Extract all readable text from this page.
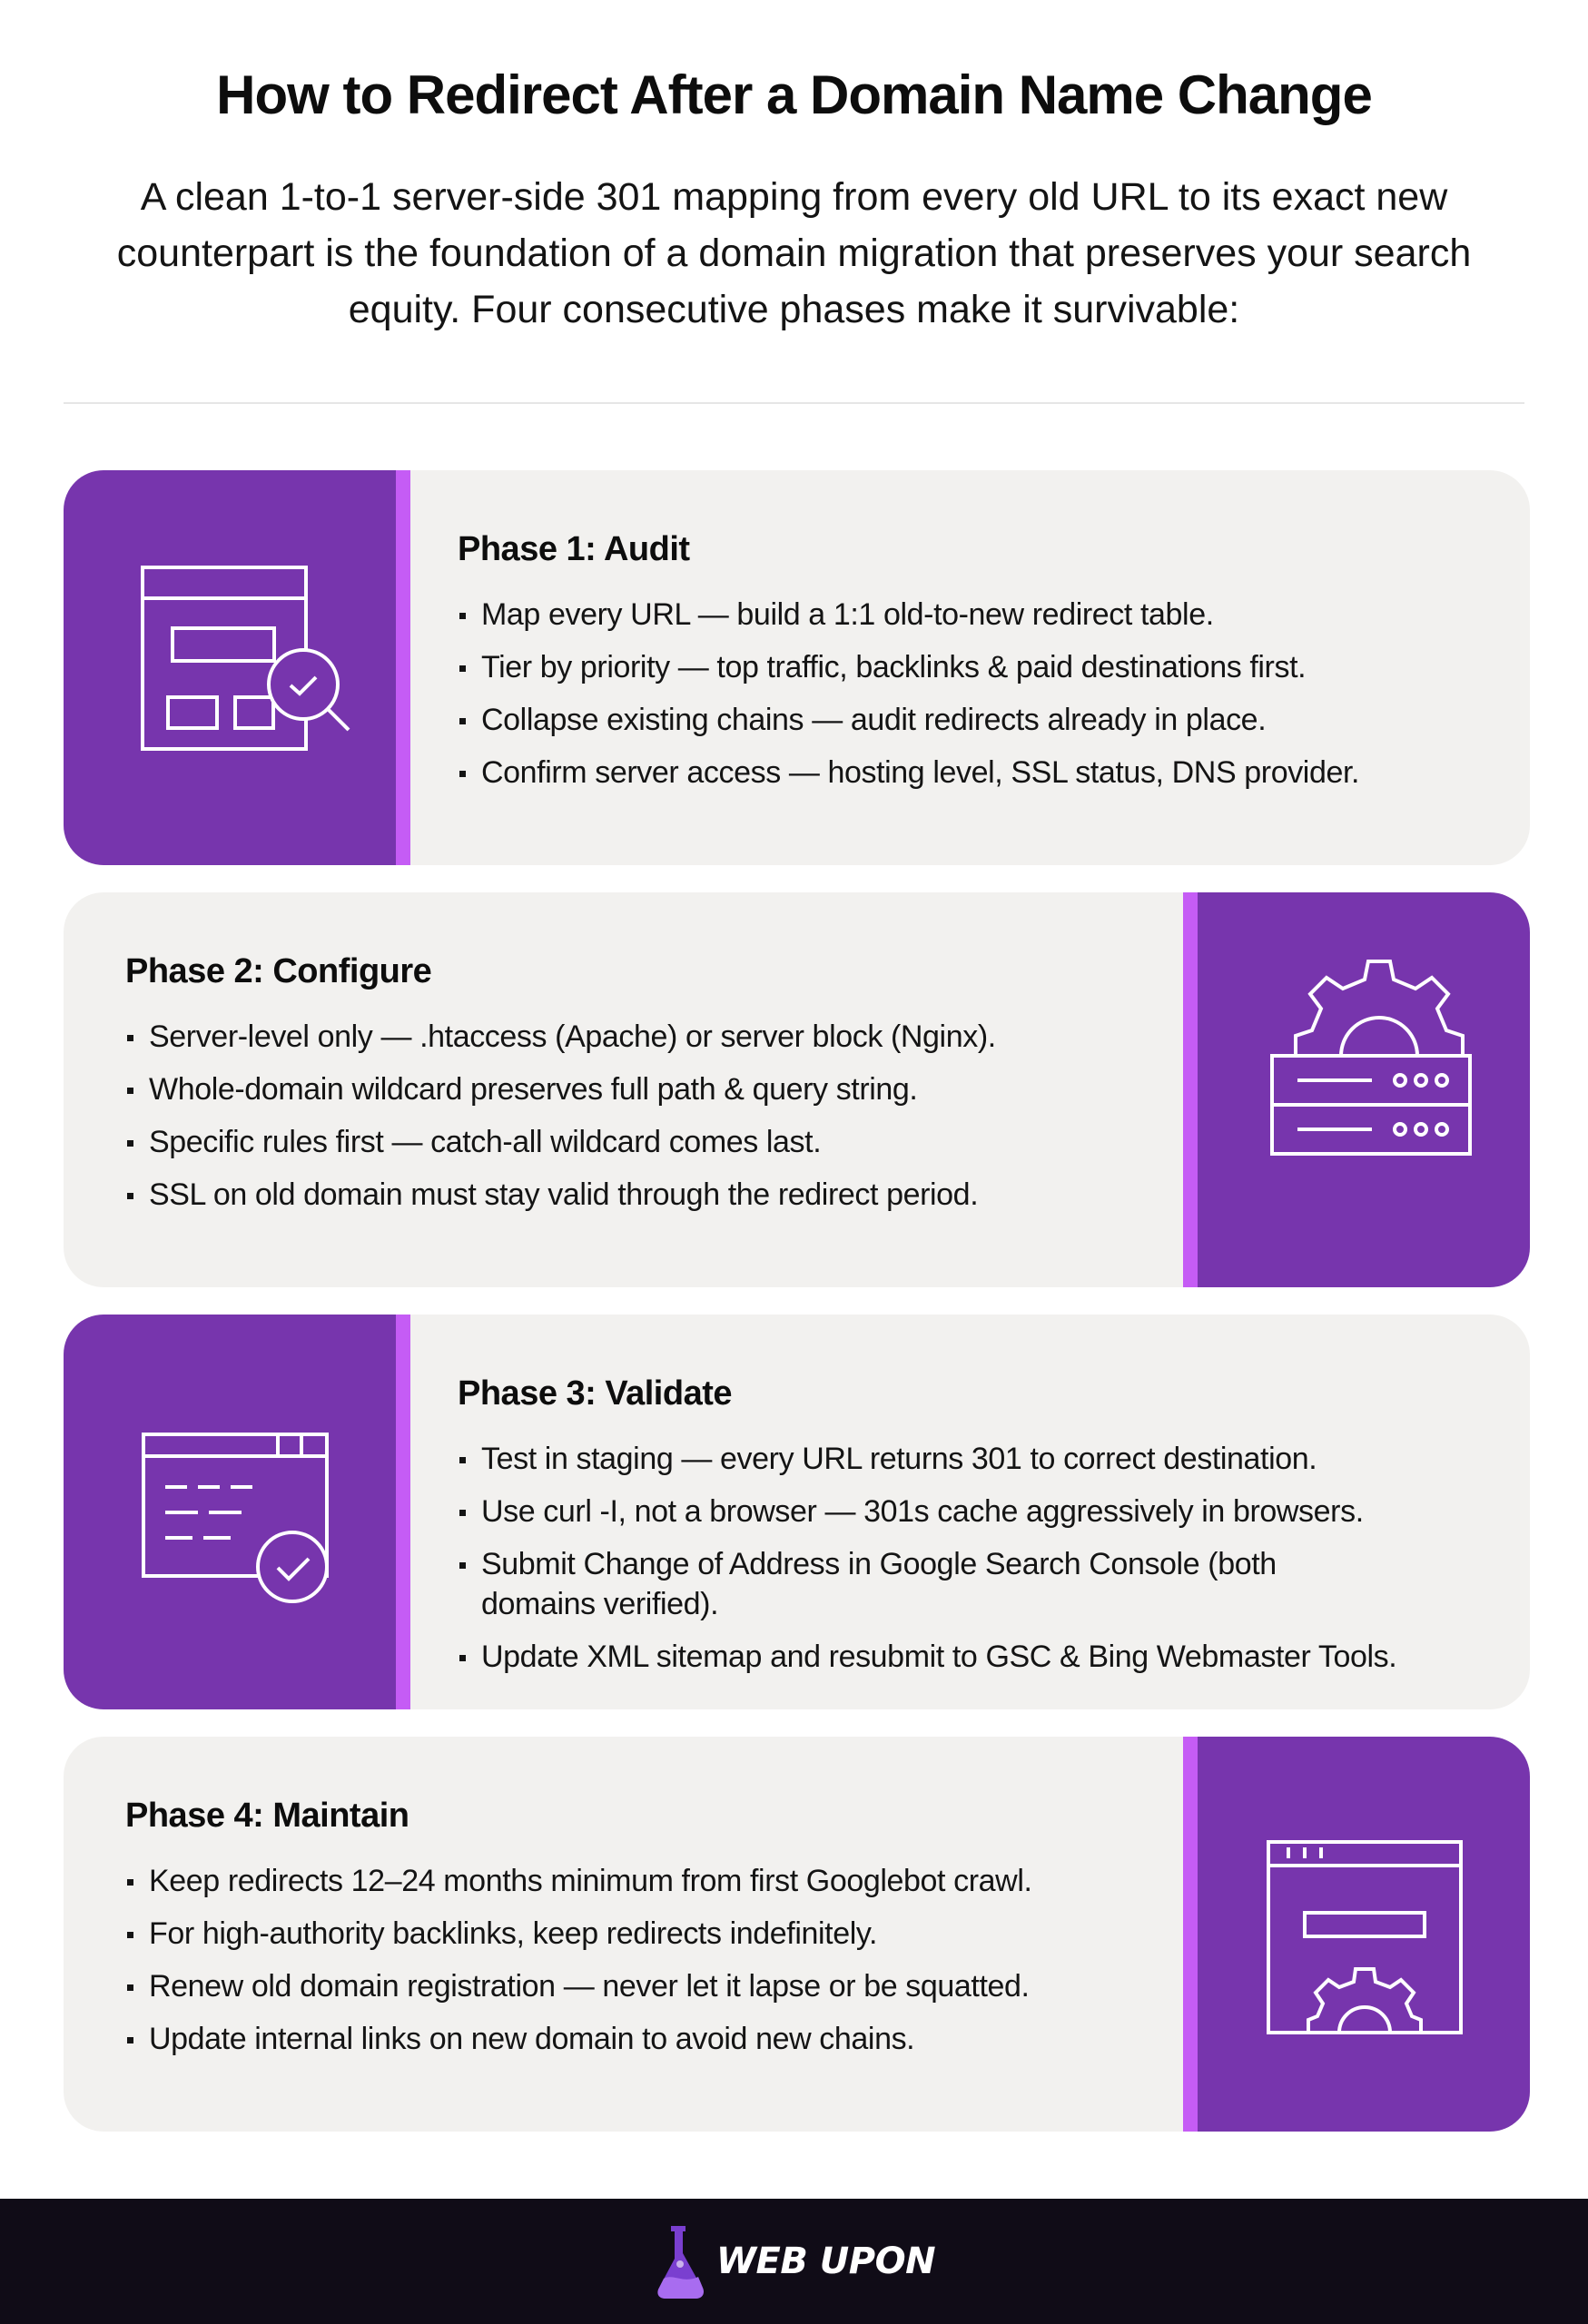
How to Redirect After a Domain Name Change

A clean 1-to-1 server-side 301 mapping from every old URL to its exact new counterpart is the foundation of a domain migration that preserves your search equity. Four consecutive phases make it survivable:

Phase 1: Audit
Map every URL — build a 1:1 old-to-new redirect table.
Tier by priority — top traffic, backlinks & paid destinations first.
Collapse existing chains — audit redirects already in place.
Confirm server access — hosting level, SSL status, DNS provider.
Phase 2: Configure
Server-level only — .htaccess (Apache) or server block (Nginx).
Whole-domain wildcard preserves full path & query string.
Specific rules first — catch-all wildcard comes last.
SSL on old domain must stay valid through the redirect period.
Phase 3: Validate
Test in staging — every URL returns 301 to correct destination.
Use curl -I, not a browser — 301s cache aggressively in browsers.
Submit Change of Address in Google Search Console (both domains verified).
Update XML sitemap and resubmit to GSC & Bing Webmaster Tools.
Phase 4: Maintain
Keep redirects 12–24 months minimum from first Googlebot crawl.
For high-authority backlinks, keep redirects indefinitely.
Renew old domain registration — never let it lapse or be squatted.
Update internal links on new domain to avoid new chains.
WEB UPON
